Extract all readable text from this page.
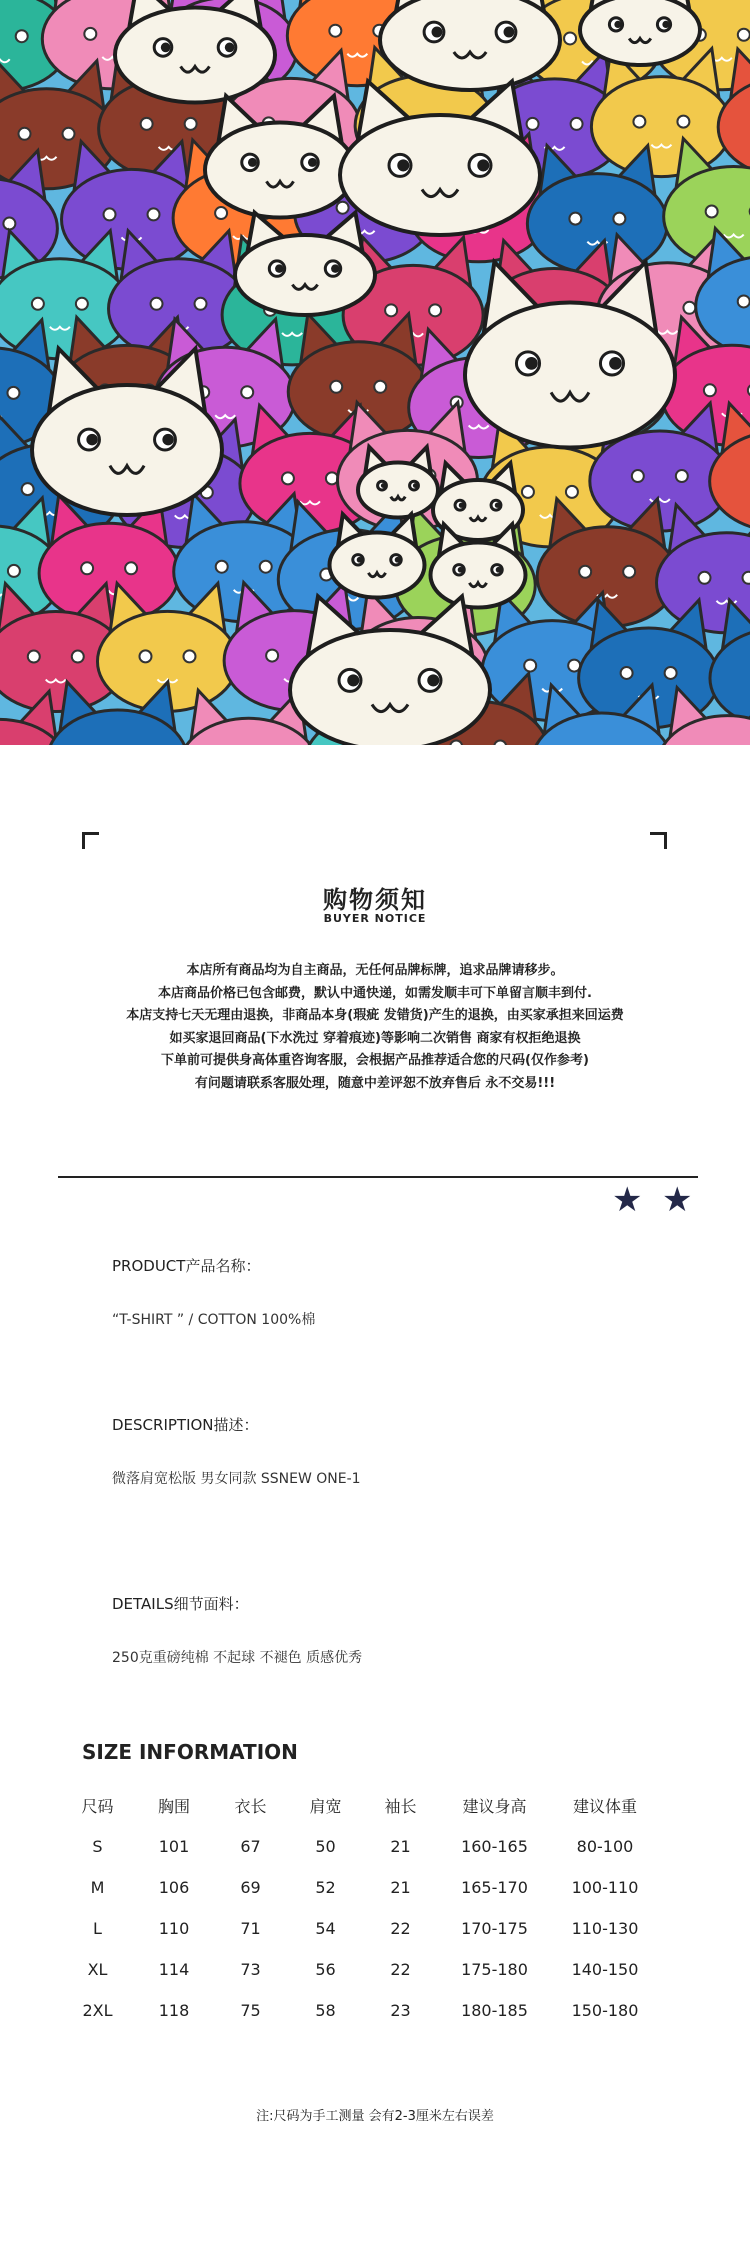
购物须知
BUYER NOTICE
本店所有商品均为自主商品，无任何品牌标牌，追求品牌请移步。
本店商品价格已包含邮费，默认中通快递，如需发顺丰可下单留言顺丰到付.
本店支持七天无理由退换，非商品本身(瑕疵 发错货)产生的退换，由买家承担来回运费
如买家退回商品(下水洗过 穿着痕迹)等影响二次销售 商家有权拒绝退换
下单前可提供身高体重咨询客服，会根据产品推荐适合您的尺码(仅作参考)
有问题请联系客服处理，随意中差评恕不放弃售后 永不交易!!!
★ ★
PRODUCT产品名称：
“T-SHIRT ” / COTTON 100%棉
DESCRIPTION描述：
微落肩宽松版 男女同款 SSNEW ONE-1
DETAILS细节面料：
250克重磅纯棉 不起球 不褪色 质感优秀
SIZE INFORMATION
尺码	胸围	衣长	肩宽	袖长	建议身高	建议体重
S	101	67	50	21	160-165	80-100
M	106	69	52	21	165-170	100-110
L	110	71	54	22	170-175	110-130
XL	114	73	56	22	175-180	140-150
2XL	118	75	58	23	180-185	150-180
注:尺码为手工测量 会有2-3厘米左右误差
